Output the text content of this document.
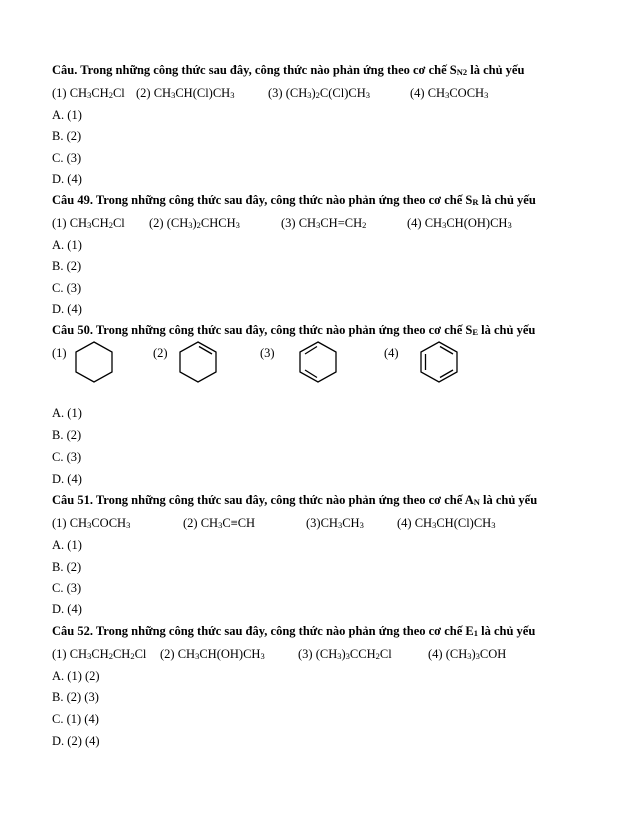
Câu. Trong những công thức sau đây, công thức nào phản ứng theo cơ chế $S_{N2}$ là chủ yếu
(1) $CH_3CH_2Cl$ (2) $CH_3CH(Cl)CH_3$	(3) $(CH_3)_2C(Cl)CH_3$	(4) $CH_3COCH_3$
A. (1)
B. (2)
C. (3)
D. (4)
Câu 49. Trong những công thức sau đây, công thức nào phản ứng theo cơ chế $S_R$ là chủ yếu
(1) $CH_3CH_2Cl$ (2) $(CH_3)_2CHCH_3$	(3) $CH_3CH=CH_2$	(4) $CH_3CH(OH)CH_3$
A. (1)
B. (2)
C. (3)
D. (4)
Câu 50. Trong những công thức sau đây, công thức nào phản ứng theo cơ chế $S_E$ là chủ yếu
(1)	(2)	(3)	(4)
A. (1)
B. (2)
C. (3)
D. (4)
Câu 51. Trong những công thức sau đây, công thức nào phản ứng theo cơ chế $A_N$ là chủ yếu
(1) $CH_3COCH_3$	(2) $CH_3C\equiv CH$	$(3)CH_3CH_3$	(4) $CH_3CH(Cl)CH_3$
A. (1)
B. (2)
C. (3)
D. (4)
Câu 52. Trong những công thức sau đây, công thức nào phản ứng theo cơ chế $E_1$ là chủ yếu
(1) $CH_3CH_2CH_2Cl$ (2) $CH_3CH(OH)CH_3$	(3) $(CH_3)_3CCH_2Cl$	(4) $(CH_3)_3COH$
A. (1) (2)
B. (2) (3)
C. (1) (4)
D. (2) (4)
